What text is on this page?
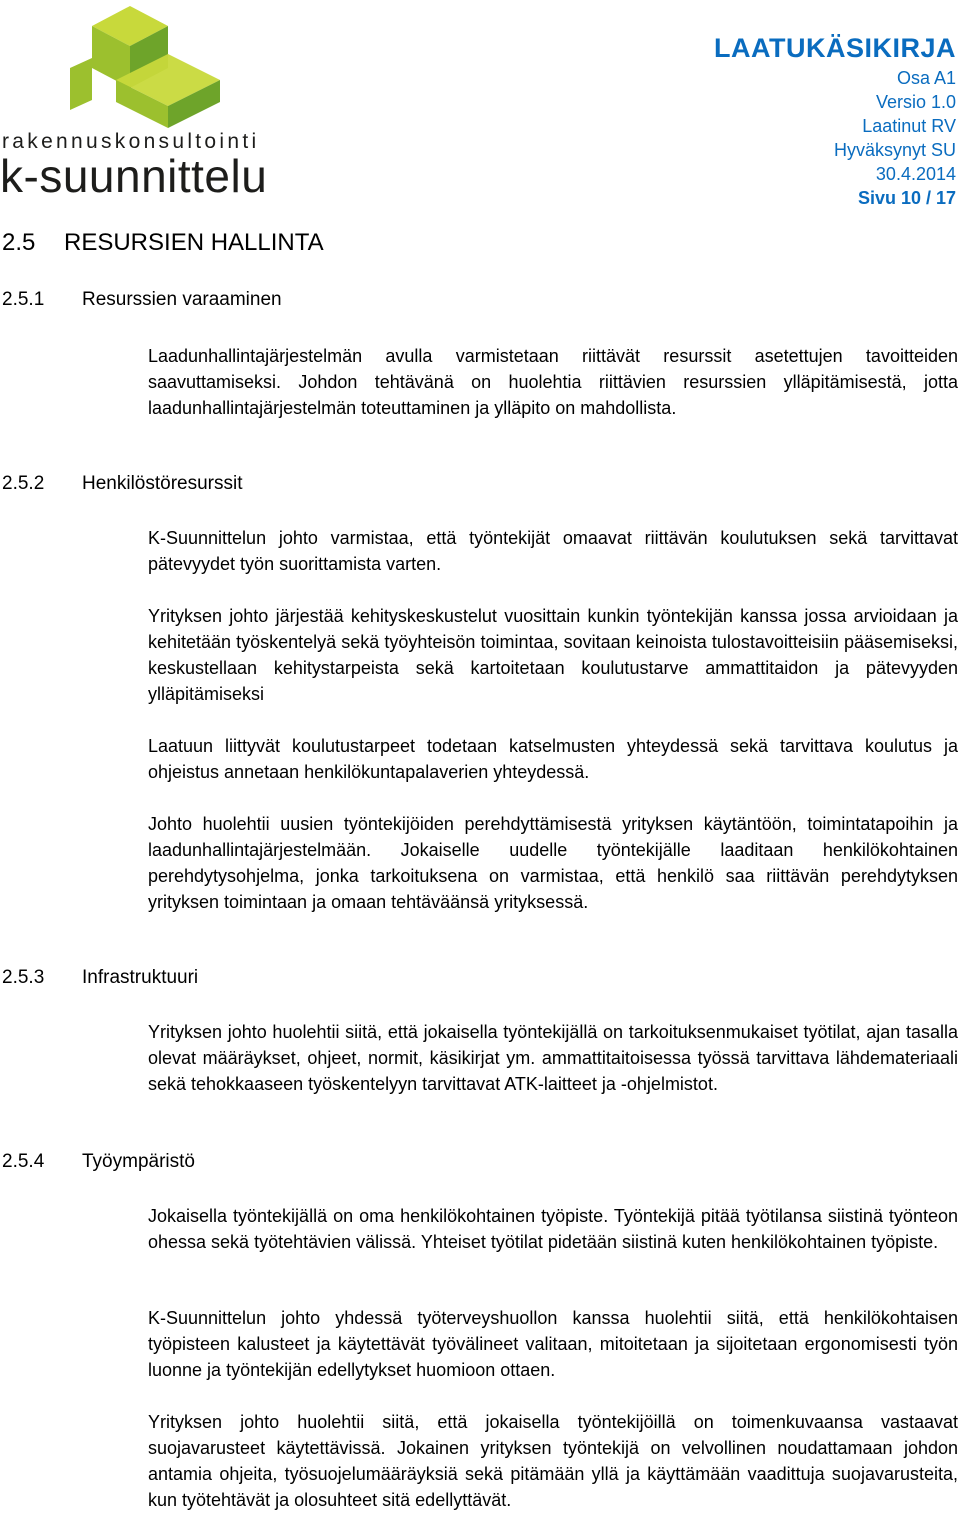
rakennuskonsultointi
k-suunnittelu
LAATUKÄSIKIRJA
Osa A1
Versio 1.0
Laatinut RV
Hyväksynyt SU
30.4.2014
Sivu 10 / 17
2.5 RESURSIEN HALLINTA
2.5.1 Resurssien varaaminen
2.5.2 Henkilöstöresurssit
2.5.3 Infrastruktuuri
2.5.4 Työympäristö

Laadunhallintajärjestelmän avulla varmistetaan riittävät resurssit asetettujen tavoitteiden saavuttamiseksi. Johdon tehtävänä on huolehtia riittävien resurssien ylläpitämisestä, jotta laadunhallintajärjestelmän toteuttaminen ja ylläpito on mahdollista.

K-Suunnittelun johto varmistaa, että työntekijät omaavat riittävän koulutuksen sekä tarvittavat pätevyydet työn suorittamista varten.

Yrityksen johto järjestää kehityskeskustelut vuosittain kunkin työntekijän kanssa jossa arvioidaan ja kehitetään työskentelyä sekä työyhteisön toimintaa, sovitaan keinoista tulostavoitteisiin pääsemiseksi, keskustellaan kehitystarpeista sekä kartoitetaan koulutustarve ammattitaidon ja pätevyyden ylläpitämiseksi

Laatuun liittyvät koulutustarpeet todetaan katselmusten yhteydessä sekä tarvittava koulutus ja ohjeistus annetaan henkilökuntapalaverien yhteydessä.

Johto huolehtii uusien työntekijöiden perehdyttämisestä yrityksen käytäntöön, toimintatapoihin ja laadunhallintajärjestelmään. Jokaiselle uudelle työntekijälle laaditaan henkilökohtainen perehdytysohjelma, jonka tarkoituksena on varmistaa, että henkilö saa riittävän perehdytyksen yrityksen toimintaan ja omaan tehtäväänsä yrityksessä.

Yrityksen johto huolehtii siitä, että jokaisella työntekijällä on tarkoituksenmukaiset työtilat, ajan tasalla olevat määräykset, ohjeet, normit, käsikirjat ym. ammattitaitoisessa työssä tarvittava lähdemateriaali sekä tehokkaaseen työskentelyyn tarvittavat ATK-laitteet ja -ohjelmistot.

Jokaisella työntekijällä on oma henkilökohtainen työpiste. Työntekijä pitää työtilansa siistinä työnteon ohessa sekä työtehtävien välissä. Yhteiset työtilat pidetään siistinä kuten henkilökohtainen työpiste.

K-Suunnittelun johto yhdessä työterveyshuollon kanssa huolehtii siitä, että henkilökohtaisen työpisteen kalusteet ja käytettävät työvälineet valitaan, mitoitetaan ja sijoitetaan ergonomisesti työn luonne ja työntekijän edellytykset huomioon ottaen.

Yrityksen johto huolehtii siitä, että jokaisella työntekijöillä on toimenkuvaansa vastaavat suojavarusteet käytettävissä. Jokainen yrityksen työntekijä on velvollinen noudattamaan johdon antamia ohjeita, työsuojelumääräyksiä sekä pitämään yllä ja käyttämään vaadittuja suojavarusteita, kun työtehtävät ja olosuhteet sitä edellyttävät.
